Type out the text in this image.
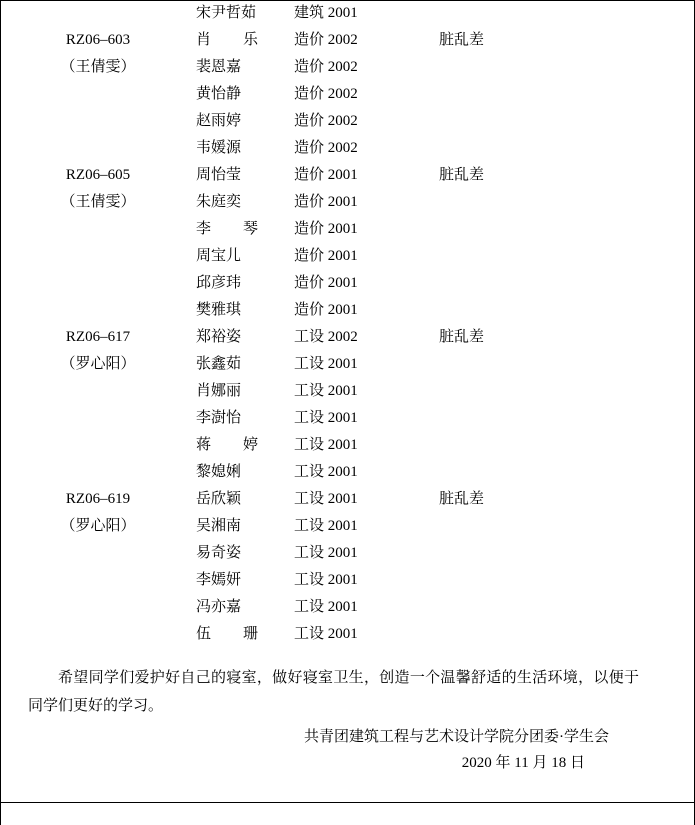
	宋尹哲茹	建筑 2001	
RZ06–603	肖　乐	造价 2002	脏乱差
（王倩雯）	裴恩嘉	造价 2002	
	黄怡静	造价 2002	
	赵雨婷	造价 2002	
	韦媛源	造价 2002	
RZ06–605	周怡莹	造价 2001	脏乱差
（王倩雯）	朱庭奕	造价 2001	
	李　琴	造价 2001	
	周宝儿	造价 2001	
	邱彦玮	造价 2001	
	樊雅琪	造价 2001	
RZ06–617	郑裕姿	工设 2002	脏乱差
（罗心阳）	张鑫茹	工设 2001	
	肖娜丽	工设 2001	
	李澍怡	工设 2001	
	蒋　婷	工设 2001	
	黎媳娳	工设 2001	
RZ06–619	岳欣颖	工设 2001	脏乱差
（罗心阳）	吴湘南	工设 2001	
	易奇姿	工设 2001	
	李嫣妍	工设 2001	
	冯亦嘉	工设 2001	
	伍　珊	工设 2001	
希望同学们爱护好自己的寝室，做好寝室卫生，创造一个温馨舒适的生活环境，以便于同学们更好的学习。
共青团建筑工程与艺术设计学院分团委·学生会
2020 年 11 月 18 日
